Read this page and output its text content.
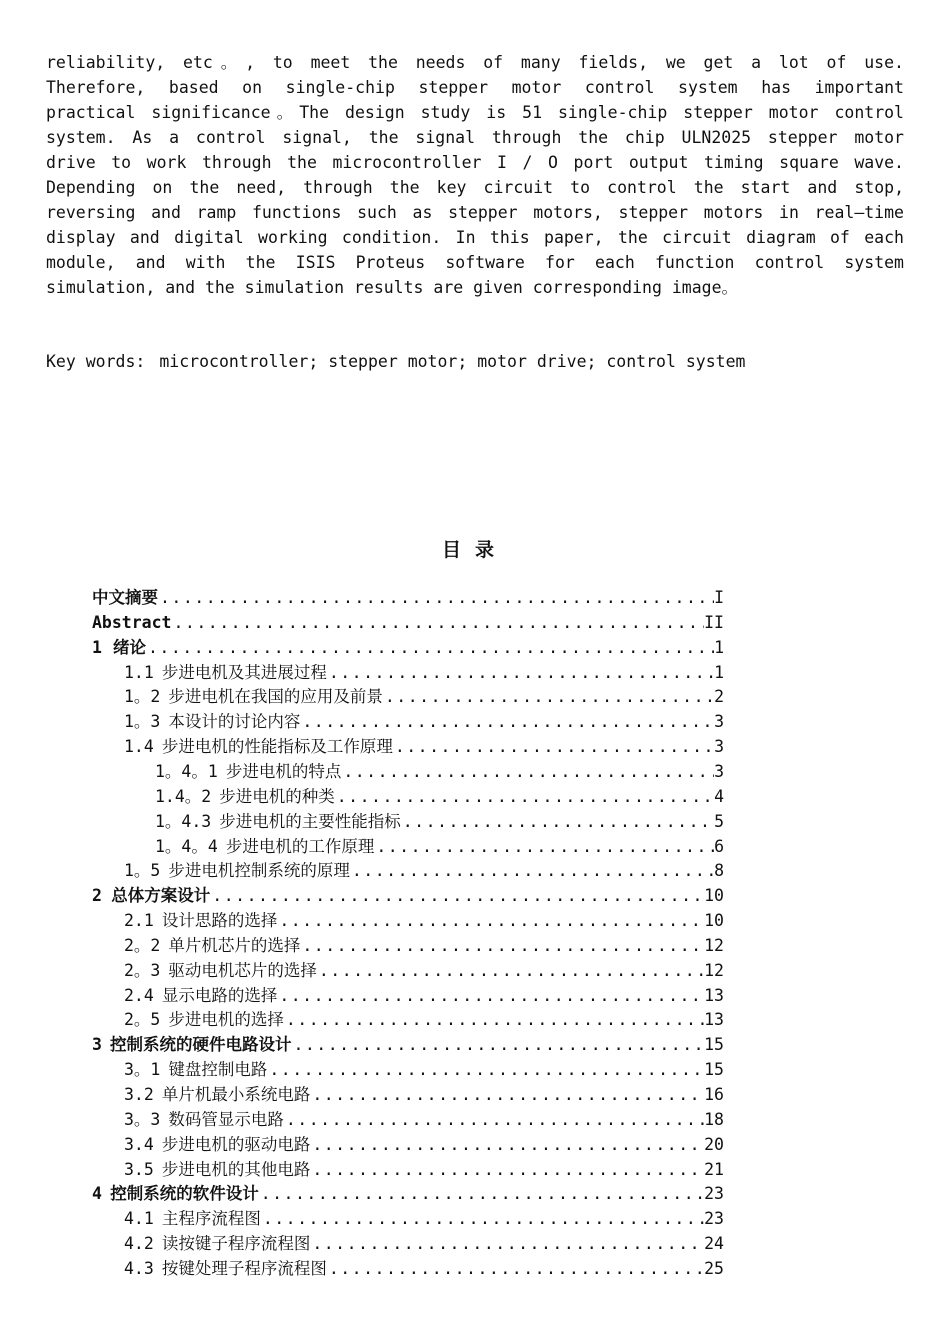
reliability, etc。, to meet the needs of many fields, we get a lot of use.
Therefore, based on single-chip stepper motor control system has important
practical significance。The design study is 51 single-chip stepper motor control
system. As a control signal, the signal through the chip ULN2025 stepper motor
drive to work through the microcontroller I / O port output timing square wave.
Depending on the need, through the key circuit to control the start and stop,
reversing and ramp functions such as stepper motors, stepper motors in real—time
display and digital working condition. In this paper, the circuit diagram of each
module, and with the ISIS Proteus software for each function control system
simulation, and the simulation results are given corresponding image。
Key words: microcontroller; stepper motor; motor drive; control system
目录
中文摘要 .....	I
Abstract .....	II
1 绪论 .....	1
1.1 步进电机及其进展过程 .....	1
1。2 步进电机在我国的应用及前景 .....	2
1。3 本设计的讨论内容 .....	3
1.4 步进电机的性能指标及工作原理 .....	3
1。4。1 步进电机的特点 .....	3
1.4。2 步进电机的种类 .....	4
1。4.3 步进电机的主要性能指标 .....	5
1。4。4 步进电机的工作原理 .....	6
1。5 步进电机控制系统的原理 .....	8
2 总体方案设计 .....	10
2.1 设计思路的选择 .....	10
2。2 单片机芯片的选择 .....	12
2。3 驱动电机芯片的选择 .....	12
2.4 显示电路的选择 .....	13
2。5 步进电机的选择 .....	13
3 控制系统的硬件电路设计 .....	15
3。1 键盘控制电路 .....	15
3.2 单片机最小系统电路 .....	16
3。3 数码管显示电路 .....	18
3.4 步进电机的驱动电路 .....	20
3.5 步进电机的其他电路 .....	21
4 控制系统的软件设计 .....	23
4.1 主程序流程图 .....	23
4.2 读按键子程序流程图 .....	24
4.3 按键处理子程序流程图 .....	25
